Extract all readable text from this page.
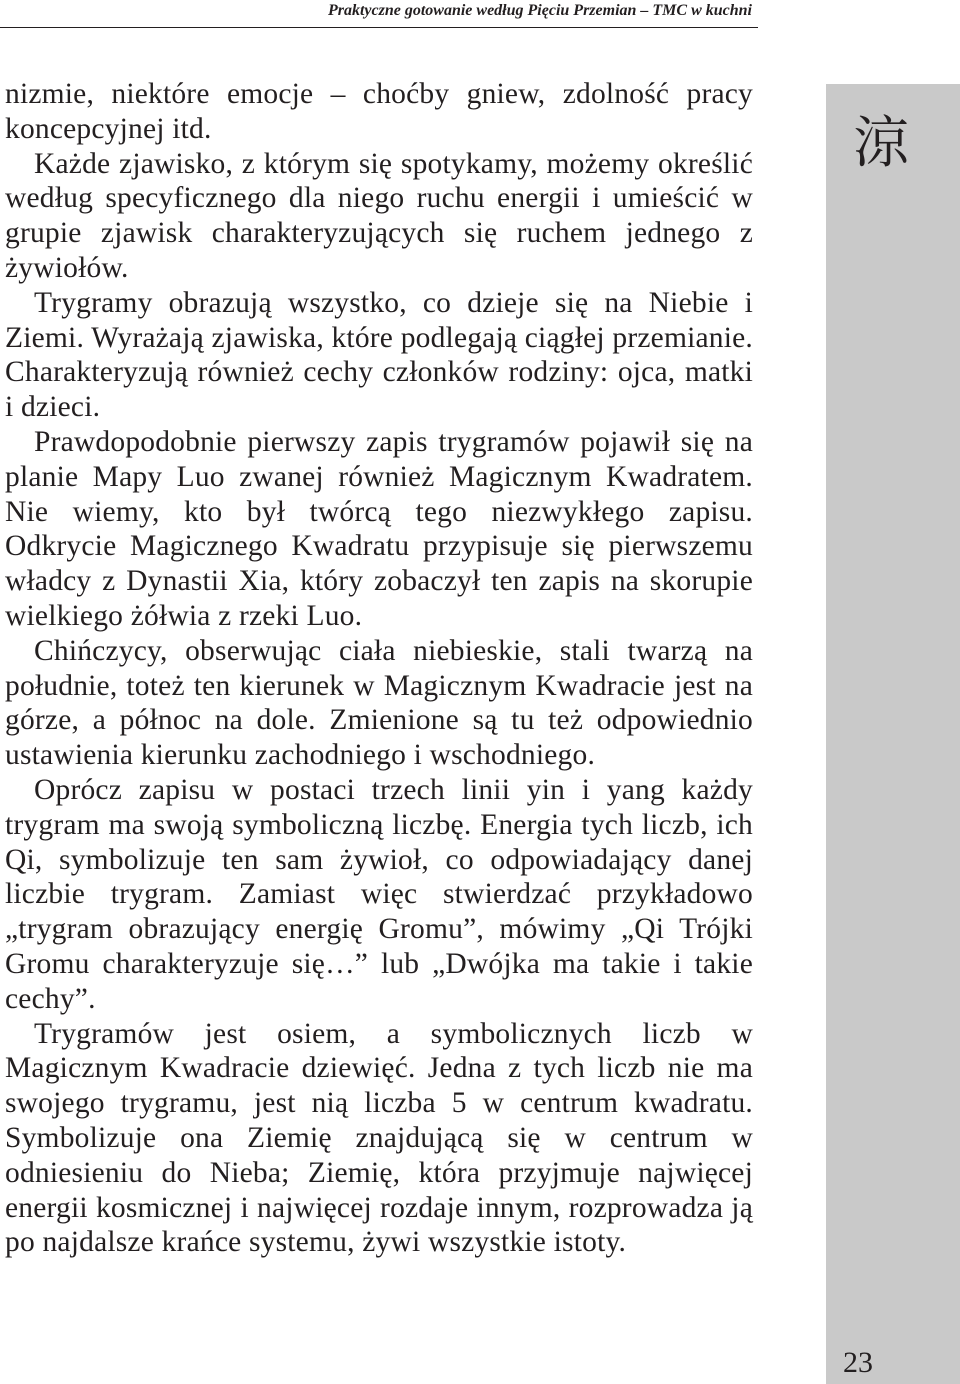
Praktyczne gotowanie według Pięciu Przemian – TMC w kuchni
涼
23

nizmie, niektóre emocje – choćby gniew, zdolność pracy koncepcyjnej itd.

Każde zjawisko, z którym się spotykamy, możemy określić według specyficznego dla niego ruchu energii i umieścić w grupie zjawisk charakteryzujących się ruchem jednego z żywiołów.

Trygramy obrazują wszystko, co dzieje się na Niebie i Ziemi. Wyrażają zjawiska, które podlegają ciągłej przemianie. Charakteryzują również cechy członków rodziny: ojca, matki i dzieci.

Prawdopodobnie pierwszy zapis trygramów pojawił się na planie Mapy Luo zwanej również Magicznym Kwadratem. Nie wiemy, kto był twórcą tego niezwykłego zapisu. Odkrycie Magicznego Kwadratu przypisuje się pierwszemu władcy z Dynastii Xia, który zobaczył ten zapis na skorupie wielkiego żółwia z rzeki Luo.

Chińczycy, obserwując ciała niebieskie, stali twarzą na południe, toteż ten kierunek w Magicznym Kwadracie jest na górze, a północ na dole. Zmienione są tu też odpowiednio ustawienia kierunku zachodniego i wschodniego.

Oprócz zapisu w postaci trzech linii yin i yang każdy trygram ma swoją symboliczną liczbę. Energia tych liczb, ich Qi, symbolizuje ten sam żywioł, co odpowiadający danej liczbie trygram. Zamiast więc stwierdzać przykładowo „trygram obrazujący energię Gromu”, mówimy „Qi Trójki Gromu charakteryzuje się…” lub „Dwójka ma takie i takie cechy”.

Trygramów jest osiem, a symbolicznych liczb w Magicznym Kwadracie dziewięć. Jedna z tych liczb nie ma swojego trygramu, jest nią liczba 5 w centrum kwadratu. Symbolizuje ona Ziemię znajdującą się w centrum w odniesieniu do Nieba; Ziemię, która przyjmuje najwięcej energii kosmicznej i najwięcej rozdaje innym, rozprowadza ją po najdalsze krańce systemu, żywi wszystkie istoty.
